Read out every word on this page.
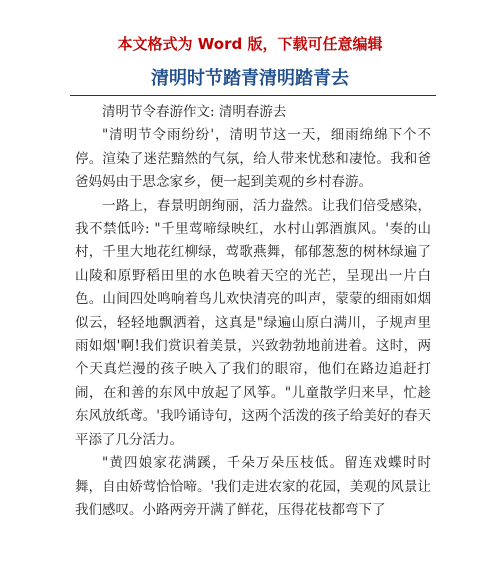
本文格式为 Word 版，下载可任意编辑
清明时节踏青清明踏青去

清明节令春游作文: 清明春游去

"清明节令雨纷纷'，清明节这一天，细雨绵绵下个不停。渲染了迷茫黯然的气氛，给人带来忧愁和凄怆。我和爸爸妈妈由于思念家乡，便一起到美观的乡村春游。

一路上，春景明朗绚丽，活力盎然。让我们倍受感染，我不禁低吟: "千里莺啼绿映红，水村山郭酒旗风。'奏的山村，千里大地花红柳绿，莺歌燕舞，郁郁葱葱的树林绿遍了山陵和原野稻田里的水色映着天空的光芒，呈现出一片白色。山间四处鸣响着鸟儿欢快清亮的叫声，蒙蒙的细雨如烟似云，轻轻地飘洒着，这真是"绿遍山原白满川，子规声里雨如烟'啊!我们赏识着美景，兴致勃勃地前进着。这时，两个天真烂漫的孩子映入了我们的眼帘，他们在路边追赶打闹，在和善的东风中放起了风筝。"儿童散学归来早，忙趁东风放纸鸢。'我吟诵诗句，这两个活泼的孩子给美好的春天平添了几分活力。

"黄四娘家花满蹊，千朵万朵压枝低。留连戏蝶时时舞，自由娇莺恰恰啼。'我们走进农家的花园，美观的风景让我们感叹。小路两旁开满了鲜花，压得花枝都弯下了
